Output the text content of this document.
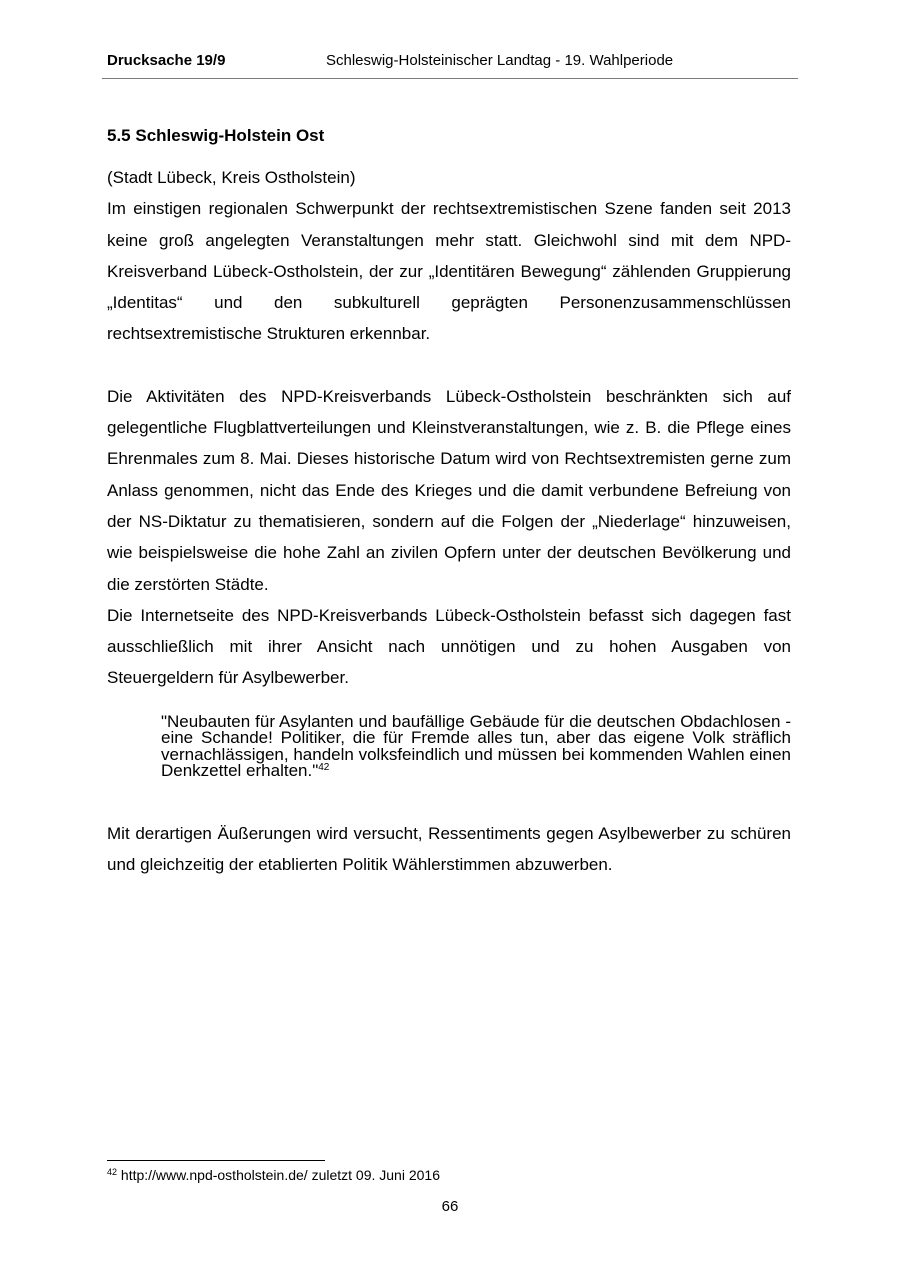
Drucksache 19/9	Schleswig-Holsteinischer Landtag - 19. Wahlperiode
5.5 Schleswig-Holstein Ost

(Stadt Lübeck, Kreis Ostholstein)

Im einstigen regionalen Schwerpunkt der rechtsextremistischen Szene fanden seit 2013 keine groß angelegten Veranstaltungen mehr statt. Gleichwohl sind mit dem NPD-Kreisverband Lübeck-Ostholstein, der zur „Identitären Bewegung“ zählenden Gruppierung „Identitas“ und den subkulturell geprägten Personenzusammenschlüssen rechtsextremistische Strukturen erkennbar.

Die Aktivitäten des NPD-Kreisverbands Lübeck-Ostholstein beschränkten sich auf gelegentliche Flugblattverteilungen und Kleinstveranstaltungen, wie z. B. die Pflege eines Ehrenmales zum 8. Mai. Dieses historische Datum wird von Rechtsextremisten gerne zum Anlass genommen, nicht das Ende des Krieges und die damit verbundene Befreiung von der NS-Diktatur zu thematisieren, sondern auf die Folgen der „Niederlage“ hinzuweisen, wie beispielsweise die hohe Zahl an zivilen Opfern unter der deutschen Bevölkerung und die zerstörten Städte.

Die Internetseite des NPD-Kreisverbands Lübeck-Ostholstein befasst sich dagegen fast ausschließlich mit ihrer Ansicht nach unnötigen und zu hohen Ausgaben von Steuergeldern für Asylbewerber.

"Neubauten für Asylanten und baufällige Gebäude für die deutschen Obdachlosen - eine Schande! Politiker, die für Fremde alles tun, aber das eigene Volk sträflich vernachlässigen, handeln volksfeindlich und müssen bei kommenden Wahlen einen Denkzettel erhalten."$^{42}$

Mit derartigen Äußerungen wird versucht, Ressentiments gegen Asylbewerber zu schüren und gleichzeitig der etablierten Politik Wählerstimmen abzuwerben.

$^{42}$ http://www.npd-ostholstein.de/ zuletzt 09. Juni 2016
66
